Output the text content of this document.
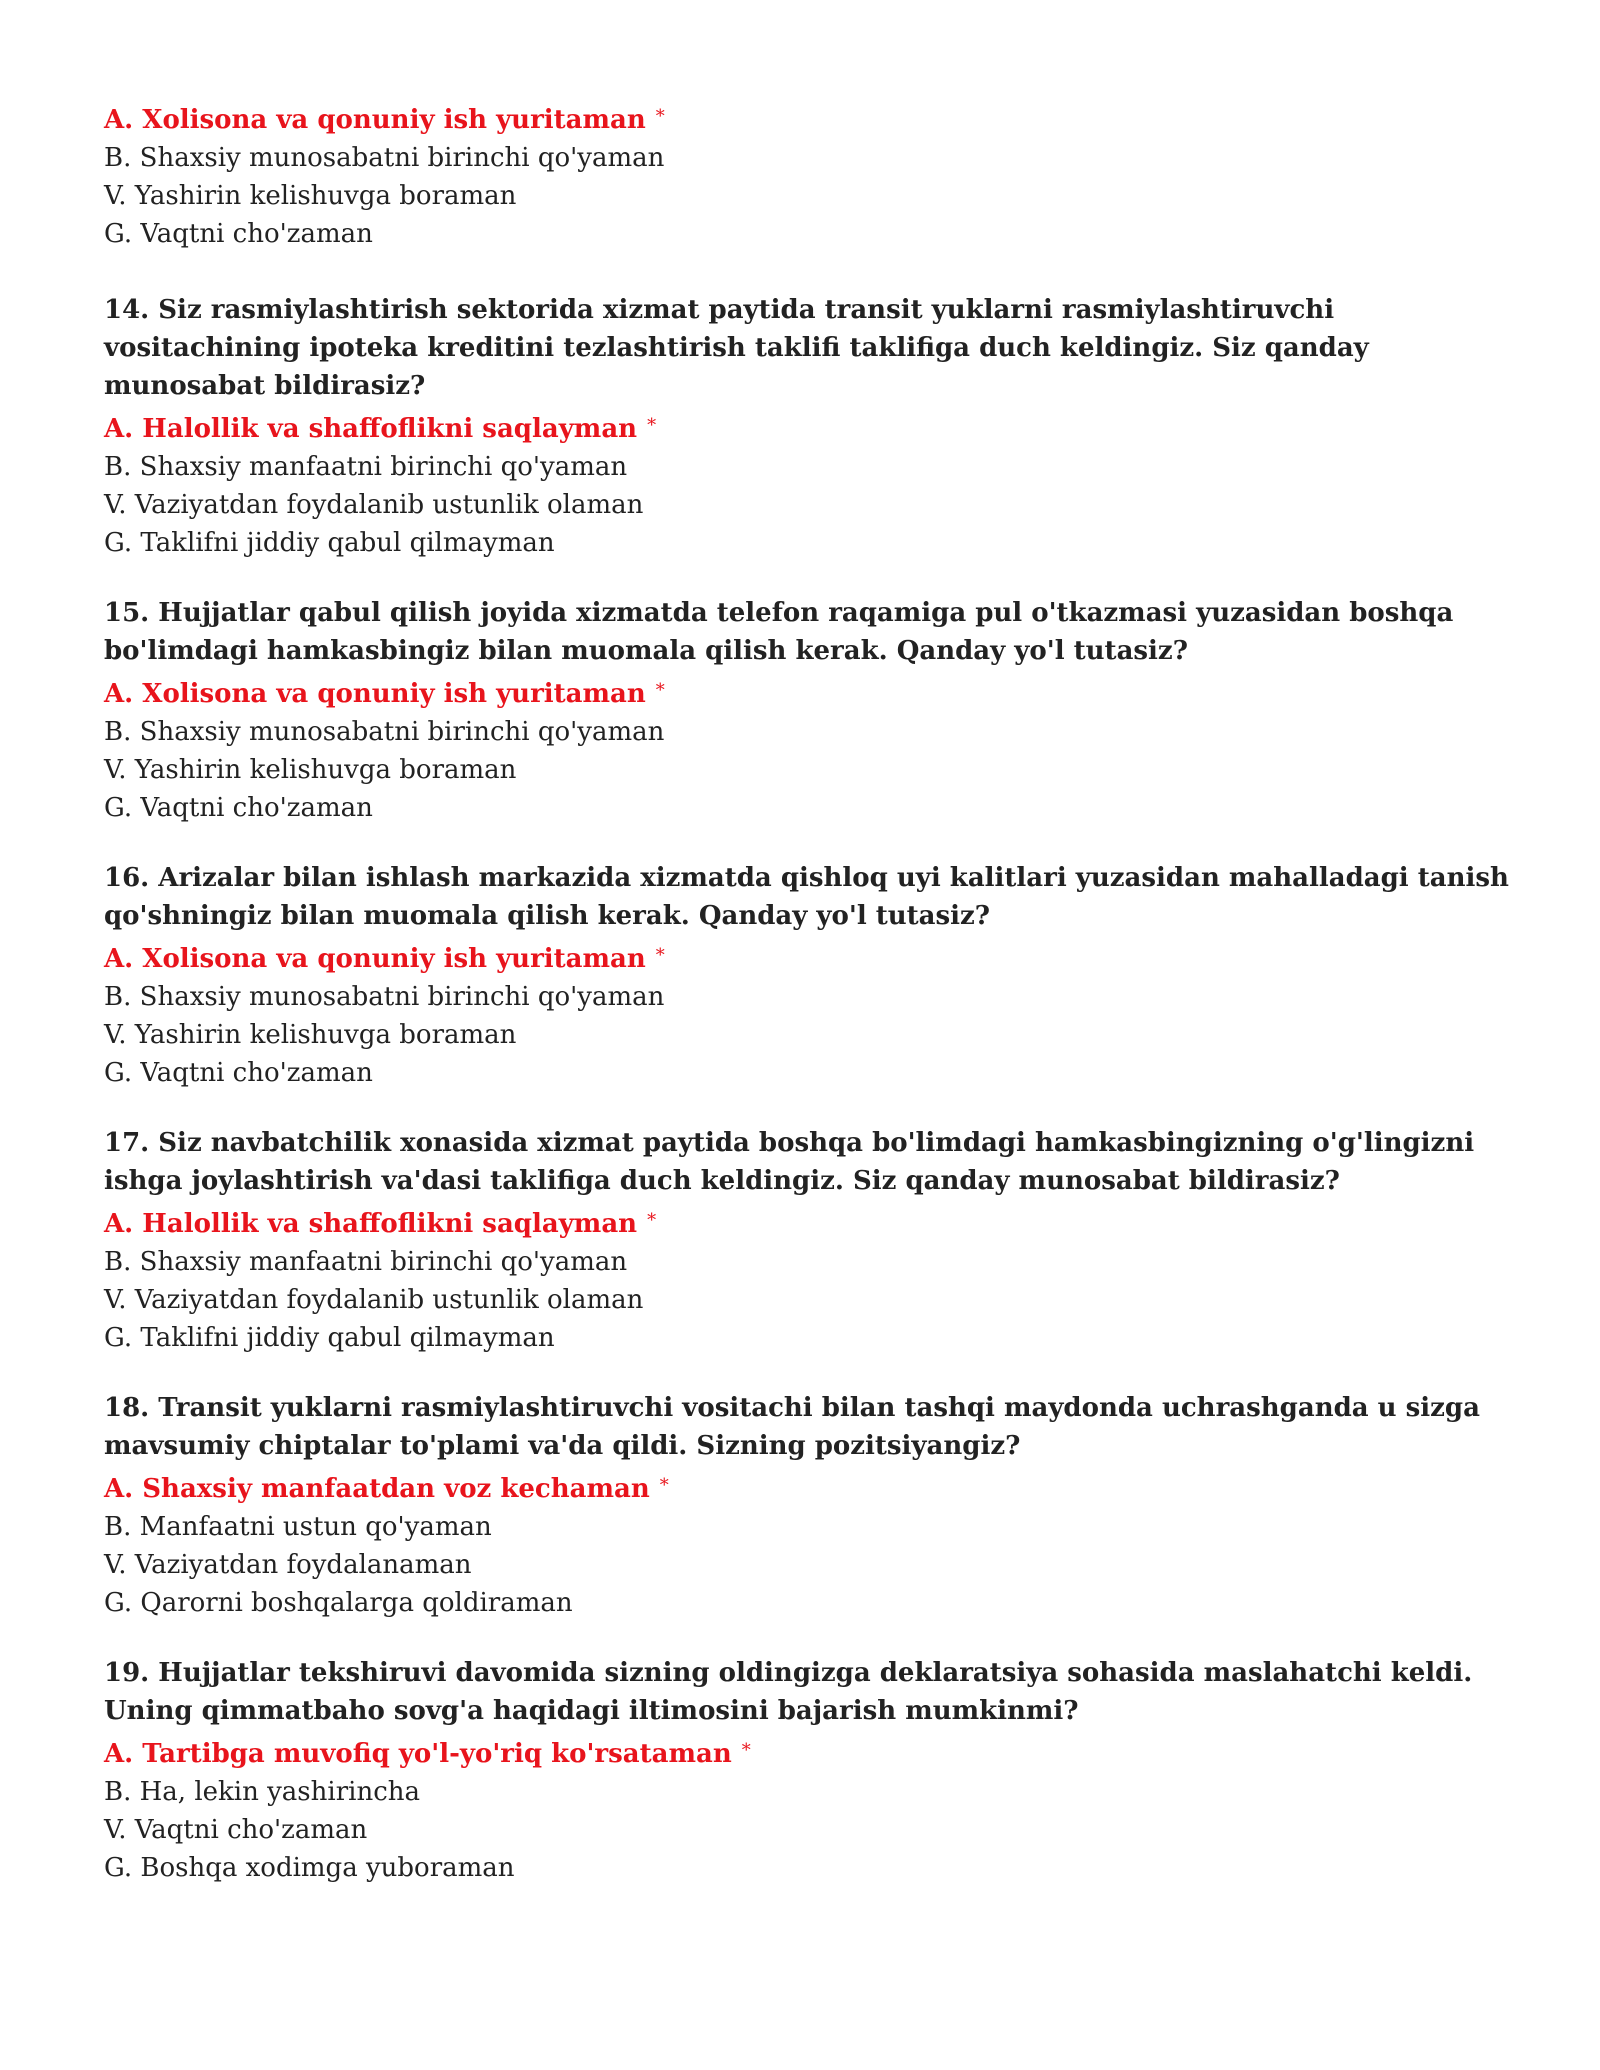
A. Xolisona va qonuniy ish yuritaman *
B. Shaxsiy munosabatni birinchi qo'yaman
V. Yashirin kelishuvga boraman
G. Vaqtni cho'zaman
14. Siz rasmiylashtirish sektorida xizmat paytida transit yuklarni rasmiylashtiruvchi vositachining ipoteka kreditini tezlashtirish taklifi taklifiga duch keldingiz. Siz qanday munosabat bildirasiz?
A. Halollik va shaffoflikni saqlayman *
B. Shaxsiy manfaatni birinchi qo'yaman
V. Vaziyatdan foydalanib ustunlik olaman
G. Taklifni jiddiy qabul qilmayman
15. Hujjatlar qabul qilish joyida xizmatda telefon raqamiga pul o'tkazmasi yuzasidan boshqa bo'limdagi hamkasbingiz bilan muomala qilish kerak. Qanday yo'l tutasiz?
A. Xolisona va qonuniy ish yuritaman *
B. Shaxsiy munosabatni birinchi qo'yaman
V. Yashirin kelishuvga boraman
G. Vaqtni cho'zaman
16. Arizalar bilan ishlash markazida xizmatda qishloq uyi kalitlari yuzasidan mahalladagi tanish qo'shningiz bilan muomala qilish kerak. Qanday yo'l tutasiz?
A. Xolisona va qonuniy ish yuritaman *
B. Shaxsiy munosabatni birinchi qo'yaman
V. Yashirin kelishuvga boraman
G. Vaqtni cho'zaman
17. Siz navbatchilik xonasida xizmat paytida boshqa bo'limdagi hamkasbingizning o'g'lingizni ishga joylashtirish va'dasi taklifiga duch keldingiz. Siz qanday munosabat bildirasiz?
A. Halollik va shaffoflikni saqlayman *
B. Shaxsiy manfaatni birinchi qo'yaman
V. Vaziyatdan foydalanib ustunlik olaman
G. Taklifni jiddiy qabul qilmayman
18. Transit yuklarni rasmiylashtiruvchi vositachi bilan tashqi maydonda uchrashganda u sizga mavsumiy chiptalar to'plami va'da qildi. Sizning pozitsiyangiz?
A. Shaxsiy manfaatdan voz kechaman *
B. Manfaatni ustun qo'yaman
V. Vaziyatdan foydalanaman
G. Qarorni boshqalarga qoldiraman
19. Hujjatlar tekshiruvi davomida sizning oldingizga deklaratsiya sohasida maslahatchi keldi. Uning qimmatbaho sovg'a haqidagi iltimosini bajarish mumkinmi?
A. Tartibga muvofiq yo'l-yo'riq ko'rsataman *
B. Ha, lekin yashirincha
V. Vaqtni cho'zaman
G. Boshqa xodimga yuboraman
